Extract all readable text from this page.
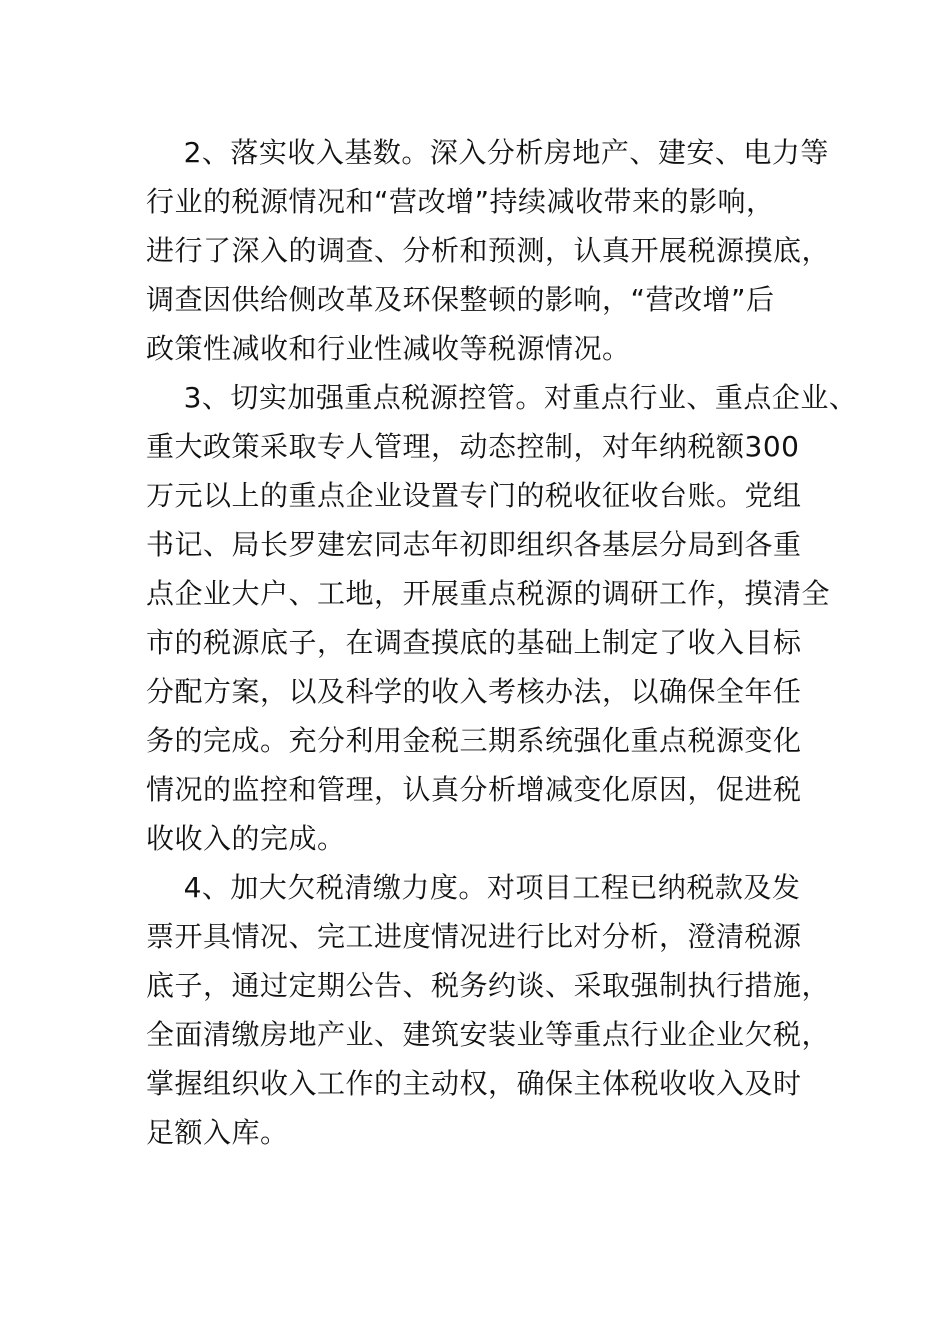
2、落实收入基数。深入分析房地产、建安、电力等
行业的税源情况和“营改增”持续减收带来的影响，
进行了深入的调查、分析和预测，认真开展税源摸底，
调查因供给侧改革及环保整顿的影响，“营改增”后
政策性减收和行业性减收等税源情况。
3、切实加强重点税源控管。对重点行业、重点企业、
重大政策采取专人管理，动态控制，对年纳税额300
万元以上的重点企业设置专门的税收征收台账。党组
书记、局长罗建宏同志年初即组织各基层分局到各重
点企业大户、工地，开展重点税源的调研工作，摸清全
市的税源底子，在调查摸底的基础上制定了收入目标
分配方案，以及科学的收入考核办法，以确保全年任
务的完成。充分利用金税三期系统强化重点税源变化
情况的监控和管理，认真分析增减变化原因，促进税
收收入的完成。
4、加大欠税清缴力度。对项目工程已纳税款及发
票开具情况、完工进度情况进行比对分析，澄清税源
底子，通过定期公告、税务约谈、采取强制执行措施，
全面清缴房地产业、建筑安装业等重点行业企业欠税，
掌握组织收入工作的主动权，确保主体税收收入及时
足额入库。
